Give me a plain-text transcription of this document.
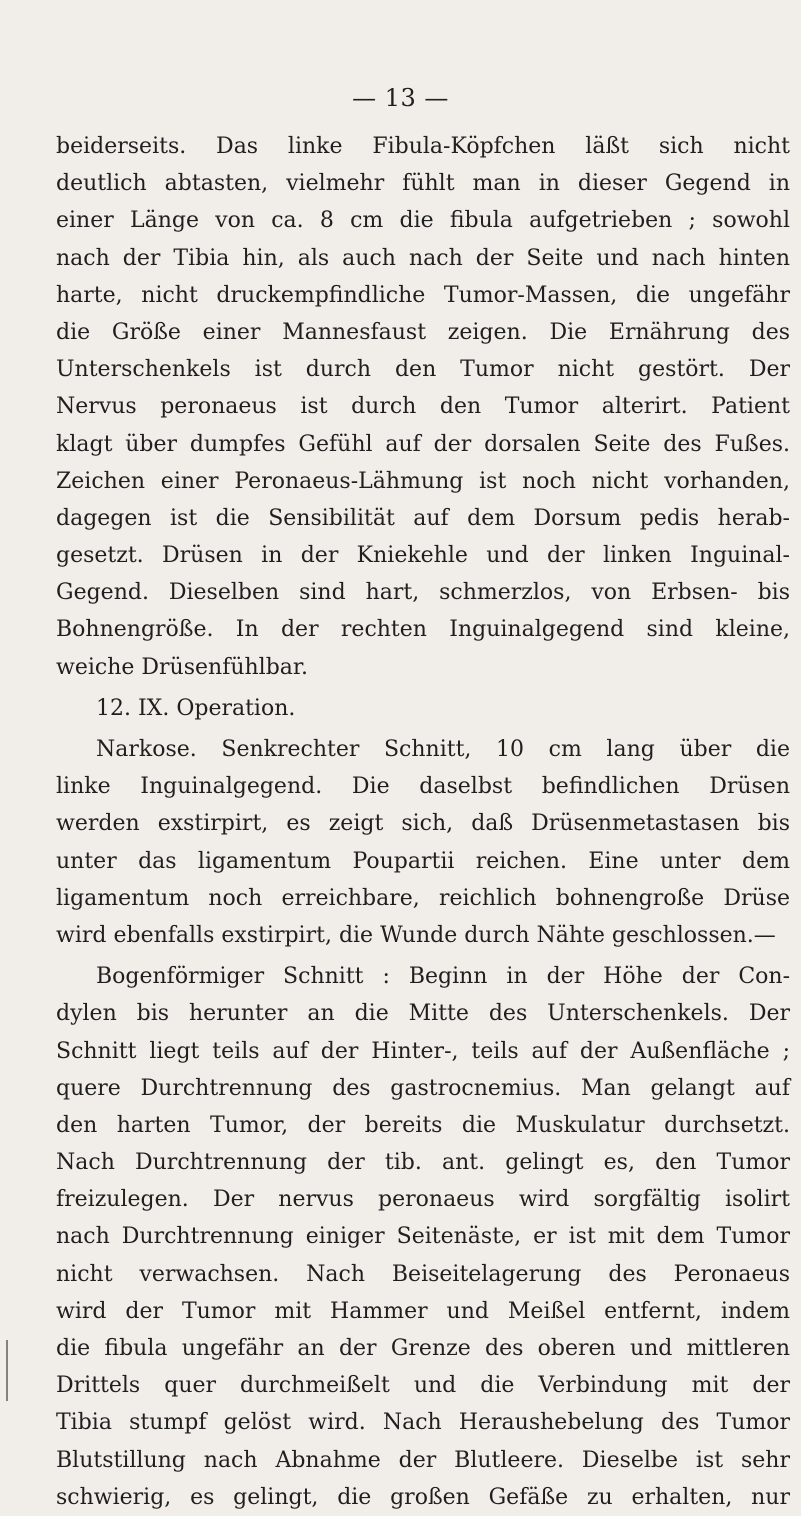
— 13 —
beiderseits. Das linke Fibula-Köpfchen läßt sich nicht
deutlich abtasten, vielmehr fühlt man in dieser Gegend in
einer Länge von ca. 8 cm die fibula aufgetrieben ; sowohl
nach der Tibia hin, als auch nach der Seite und nach hinten
harte, nicht druckempfindliche Tumor-Massen, die ungefähr
die Größe einer Mannesfaust zeigen. Die Ernährung des
Unterschenkels ist durch den Tumor nicht gestört. Der
Nervus peronaeus ist durch den Tumor alterirt. Patient
klagt über dumpfes Gefühl auf der dorsalen Seite des Fußes.
Zeichen einer Peronaeus-Lähmung ist noch nicht vorhanden,
dagegen ist die Sensibilität auf dem Dorsum pedis herab-
gesetzt. Drüsen in der Kniekehle und der linken Inguinal-
Gegend. Dieselben sind hart, schmerzlos, von Erbsen- bis
Bohnengröße. In der rechten Inguinalgegend sind kleine,
weiche Drüsenfühlbar.
12. IX. Operation.
Narkose. Senkrechter Schnitt, 10 cm lang über die
linke Inguinalgegend. Die daselbst befindlichen Drüsen
werden exstirpirt, es zeigt sich, daß Drüsenmetastasen bis
unter das ligamentum Poupartii reichen. Eine unter dem
ligamentum noch erreichbare, reichlich bohnengroße Drüse
wird ebenfalls exstirpirt, die Wunde durch Nähte geschlossen.—
Bogenförmiger Schnitt : Beginn in der Höhe der Con-
dylen bis herunter an die Mitte des Unterschenkels. Der
Schnitt liegt teils auf der Hinter-, teils auf der Außenfläche ;
quere Durchtrennung des gastrocnemius. Man gelangt auf
den harten Tumor, der bereits die Muskulatur durchsetzt.
Nach Durchtrennung der tib. ant. gelingt es, den Tumor
freizulegen. Der nervus peronaeus wird sorgfältig isolirt
nach Durchtrennung einiger Seitenäste, er ist mit dem Tumor
nicht verwachsen. Nach Beiseitelagerung des Peronaeus
wird der Tumor mit Hammer und Meißel entfernt, indem
die fibula ungefähr an der Grenze des oberen und mittleren
Drittels quer durchmeißelt und die Verbindung mit der
Tibia stumpf gelöst wird. Nach Heraushebelung des Tumor
Blutstillung nach Abnahme der Blutleere. Dieselbe ist sehr
schwierig, es gelingt, die großen Gefäße zu erhalten, nur
